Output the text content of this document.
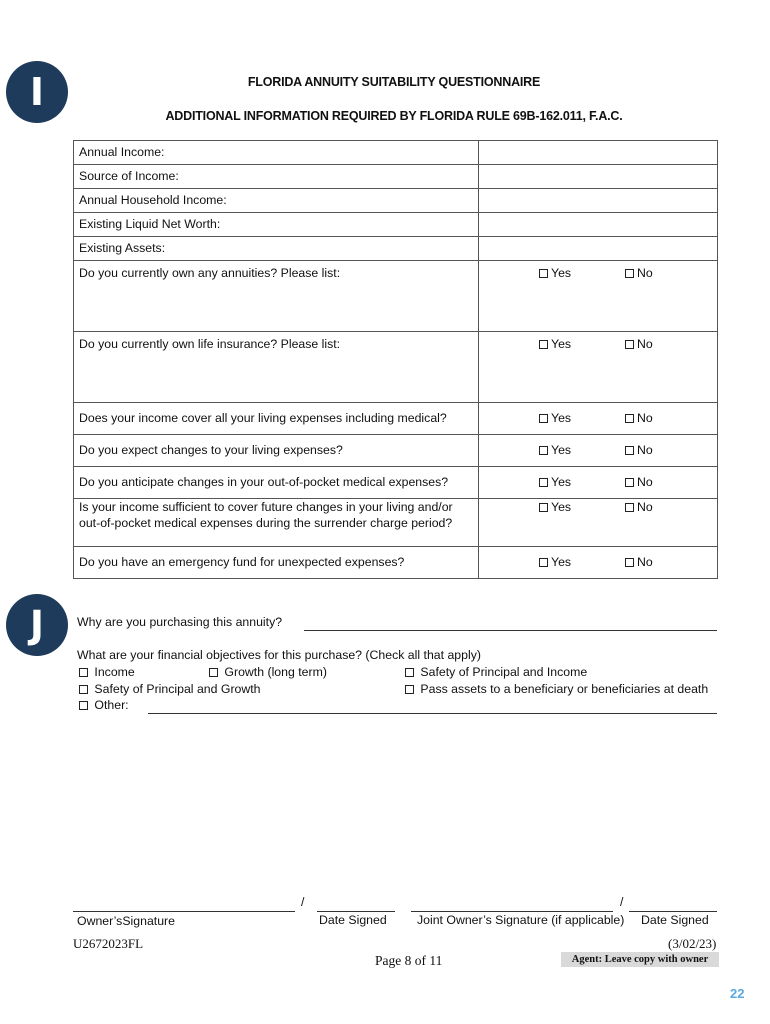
I
J
FLORIDA ANNUITY SUITABILITY QUESTIONNAIRE
ADDITIONAL INFORMATION REQUIRED BY FLORIDA RULE 69B-162.011, F.A.C.
Annual Income:		
Source of Income:		
Annual Household Income:		
Existing Liquid Net Worth:		
Existing Assets:		
Do you currently own any annuities? Please list:	Yes	No
Do you currently own life insurance? Please list:	Yes	No
Does your income cover all your living expenses including medical?	Yes	No
Do you expect changes to your living expenses?	Yes	No
Do you anticipate changes in your out-of-pocket medical expenses?	Yes	No
Is your income sufficient to cover future changes in your living and/or out-of-pocket medical expenses during the surrender charge period?	Yes	No
Do you have an emergency fund for unexpected expenses?	Yes	No
Why are you purchasing this annuity?
What are your financial objectives for this purchase? (Check all that apply)
Income	Growth (long term)	Safety of Principal and Income
Safety of Principal and Growth	Pass assets to a beneficiary or beneficiaries at death
Other:
/	/
Owner’sSignature	Date Signed Joint Owner’s Signature (if applicable) Date Signed
U2672023FL
Page 8 of 11
(3/02/23)
Agent: Leave copy with owner
22
